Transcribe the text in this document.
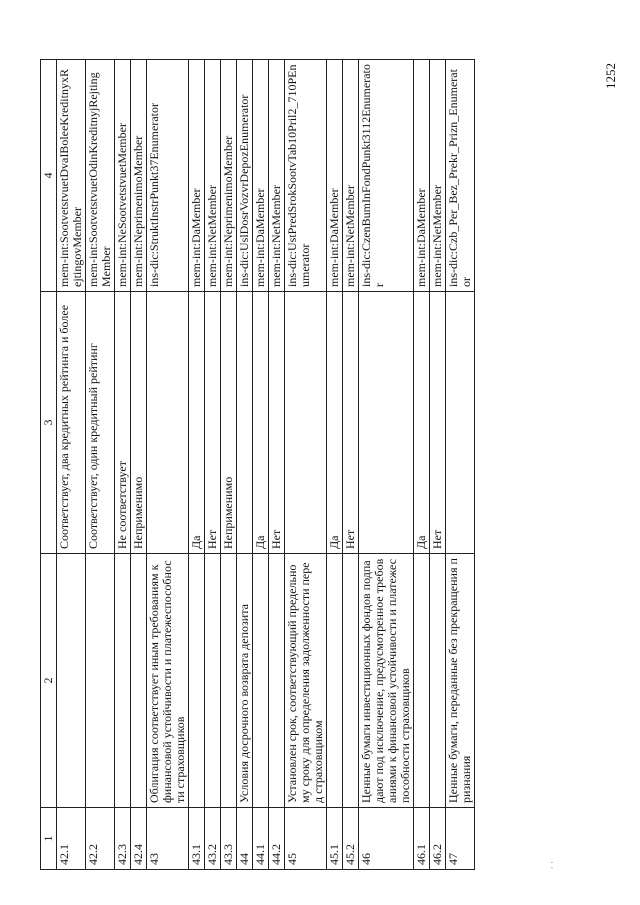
1	2	3	4
42.1		Соответствует, два кредитных рейтинга и более	mem-int:SootvetstvuetDvaIBoleeKreditnyxRejtingovMember
42.2		Соответствует, один кредитный рейтинг	mem-int:SootvetstvuetOdinKreditnyjRejtingMember
42.3		Не соответствует	mem-int:NeSootvetstvuetMember
42.4		Неприменимо	mem-int:NeprimenimoMember
43	Облигация соответствует иным требованиям к финансовой устойчивости и платежеспособности страховщиков		ins-dic:StruktInstrPunkt37Enumerator
43.1		Да	mem-int:DaMember
43.2		Нет	mem-int:NetMember
43.3		Неприменимо	mem-int:NeprimenimoMember
44	Условия досрочного возврата депозита		ins-dic:UslDosrVozvrDepozEnumerator
44.1		Да	mem-int:DaMember
44.2		Нет	mem-int:NetMember
45	Установлен срок, соответствующий предельному сроку для определения задолженности перед страховщиком		ins-dic:UstPredSrokSootvTab10Pril2_710PEnumerator
45.1		Да	mem-int:DaMember
45.2		Нет	mem-int:NetMember
46	Ценные бумаги инвестиционных фондов подпадают под исключение, предусмотренное требованиями к финансовой устойчивости и платежеспособности страховщиков		ins-dic:CzenBumInFondPunkt3112Enumerator
46.1		Да	mem-int:DaMember
46.2		Нет	mem-int:NetMember
47	Ценные бумаги, переданные без прекращения признания		ins-dic:Czb_Per_Bez_Prekr_Prizn_Enumerator
1252
· ·
